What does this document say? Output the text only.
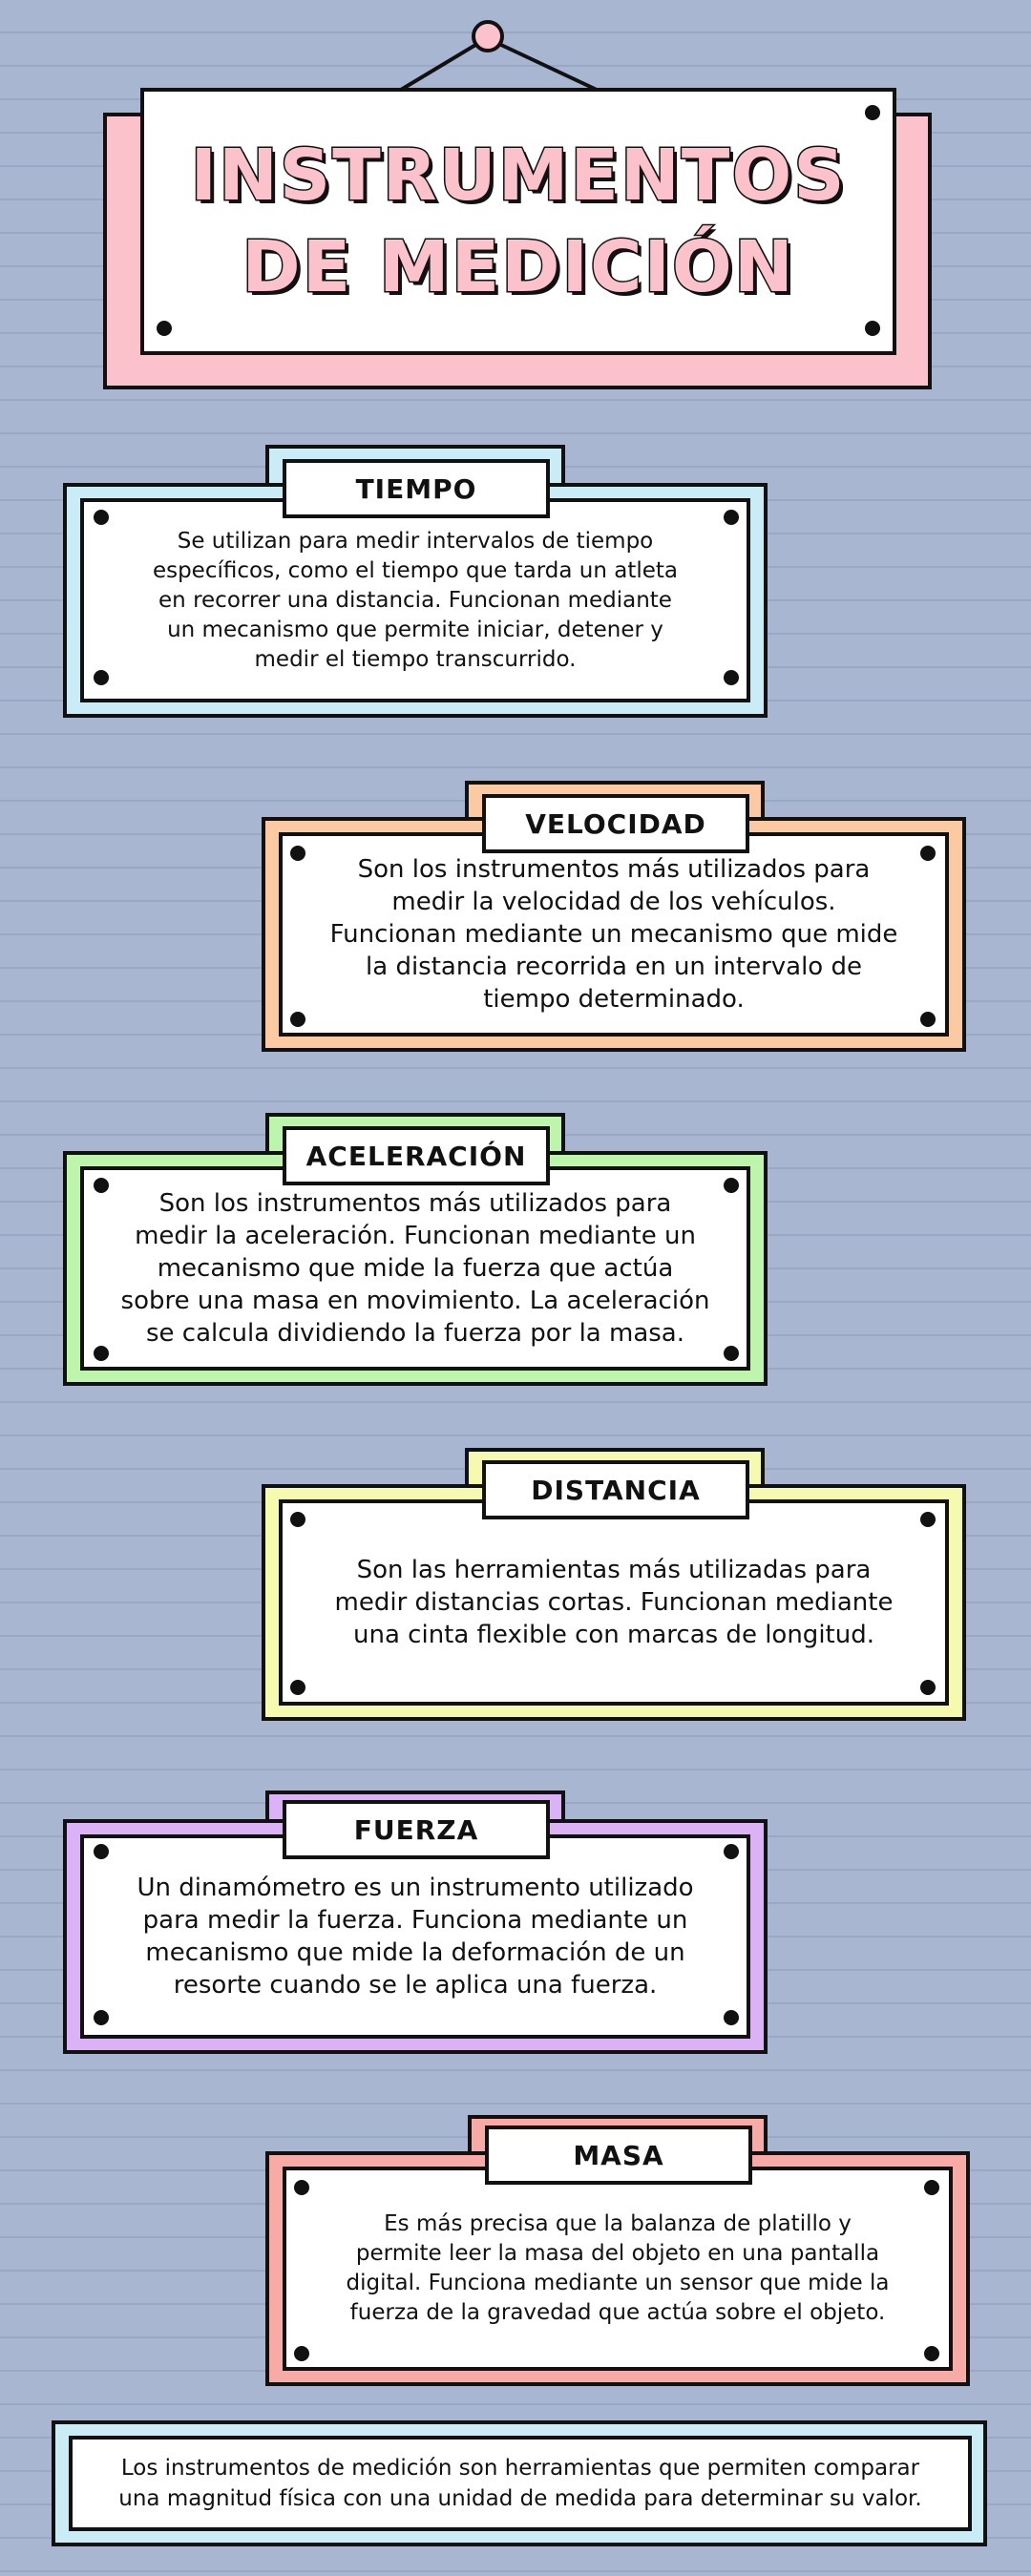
INSTRUMENTOS DE MEDICIÓN

Se utilizan para medir intervalos de tiempo específicos, como el tiempo que tarda un atleta en recorrer una distancia. Funcionan mediante un mecanismo que permite iniciar, detener y medir el tiempo transcurrido.

TIEMPO

Son los instrumentos más utilizados para medir la velocidad de los vehículos. Funcionan mediante un mecanismo que mide la distancia recorrida en un intervalo de tiempo determinado.

VELOCIDAD

Son los instrumentos más utilizados para medir la aceleración. Funcionan mediante un mecanismo que mide la fuerza que actúa sobre una masa en movimiento. La aceleración se calcula dividiendo la fuerza por la masa.

ACELERACIÓN

Son las herramientas más utilizadas para medir distancias cortas. Funcionan mediante una cinta flexible con marcas de longitud.

DISTANCIA

Un dinamómetro es un instrumento utilizado para medir la fuerza. Funciona mediante un mecanismo que mide la deformación de un resorte cuando se le aplica una fuerza.

FUERZA

Es más precisa que la balanza de platillo y permite leer la masa del objeto en una pantalla digital. Funciona mediante un sensor que mide la fuerza de la gravedad que actúa sobre el objeto.

MASA

Los instrumentos de medición son herramientas que permiten comparar una magnitud física con una unidad de medida para determinar su valor.
